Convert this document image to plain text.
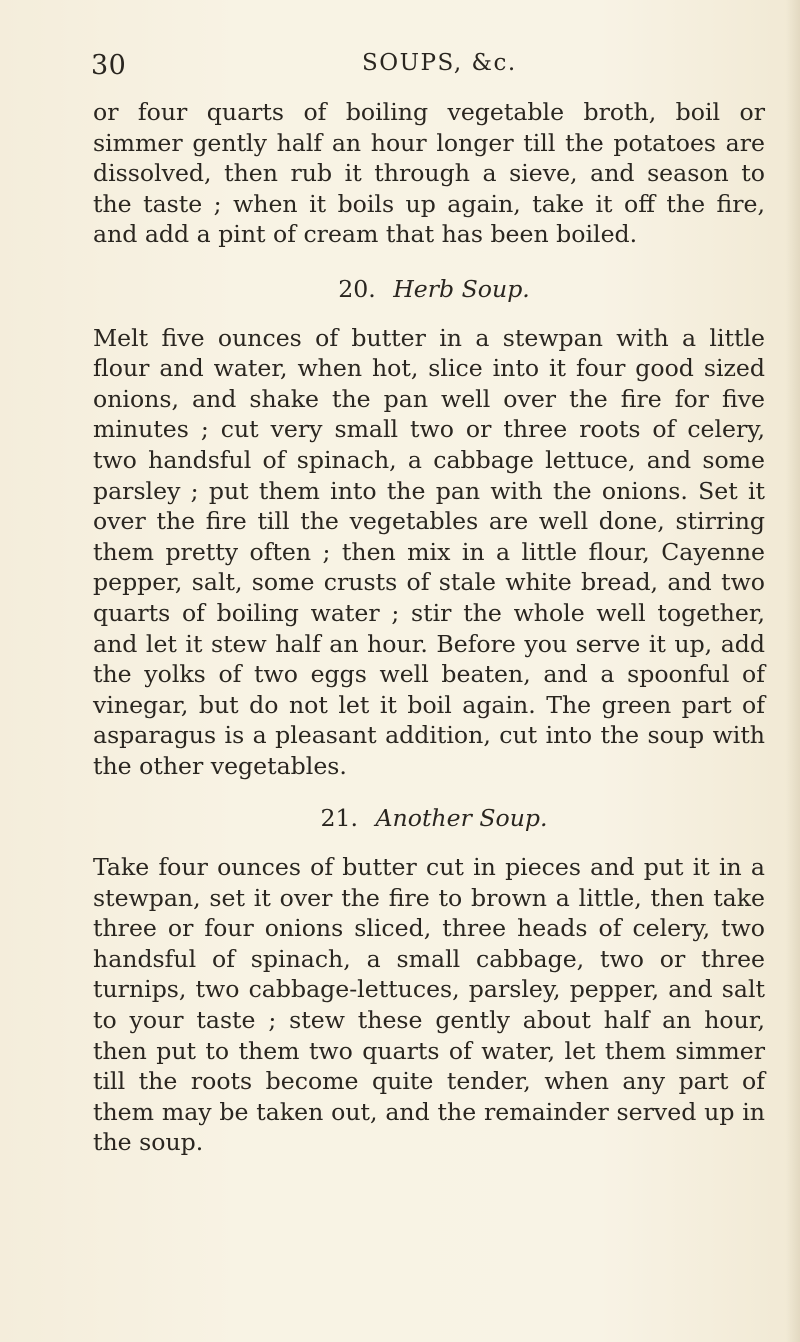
30	SOUPS, &c.

or four quarts of boiling vegetable broth, boil or simmer gently half an hour longer till the potatoes are dissolved, then rub it through a sieve, and season to the taste ; when it boils up again, take it off the fire, and add a pint of cream that has been boiled.

20. Herb Soup.

Melt five ounces of butter in a stewpan with a little flour and water, when hot, slice into it four good sized onions, and shake the pan well over the fire for five minutes ; cut very small two or three roots of celery, two handsful of spinach, a cabbage lettuce, and some parsley ; put them into the pan with the onions. Set it over the fire till the vegetables are well done, stirring them pretty often ; then mix in a little flour, Cayenne pepper, salt, some crusts of stale white bread, and two quarts of boiling water ; stir the whole well together, and let it stew half an hour. Before you serve it up, add the yolks of two eggs well beaten, and a spoonful of vinegar, but do not let it boil again. The green part of asparagus is a pleasant addition, cut into the soup with the other vegetables.

21. Another Soup.

Take four ounces of butter cut in pieces and put it in a stewpan, set it over the fire to brown a little, then take three or four onions sliced, three heads of celery, two handsful of spinach, a small cabbage, two or three turnips, two cabbage-lettuces, parsley, pepper, and salt to your taste ; stew these gently about half an hour, then put to them two quarts of water, let them simmer till the roots become quite tender, when any part of them may be taken out, and the remainder served up in the soup.
